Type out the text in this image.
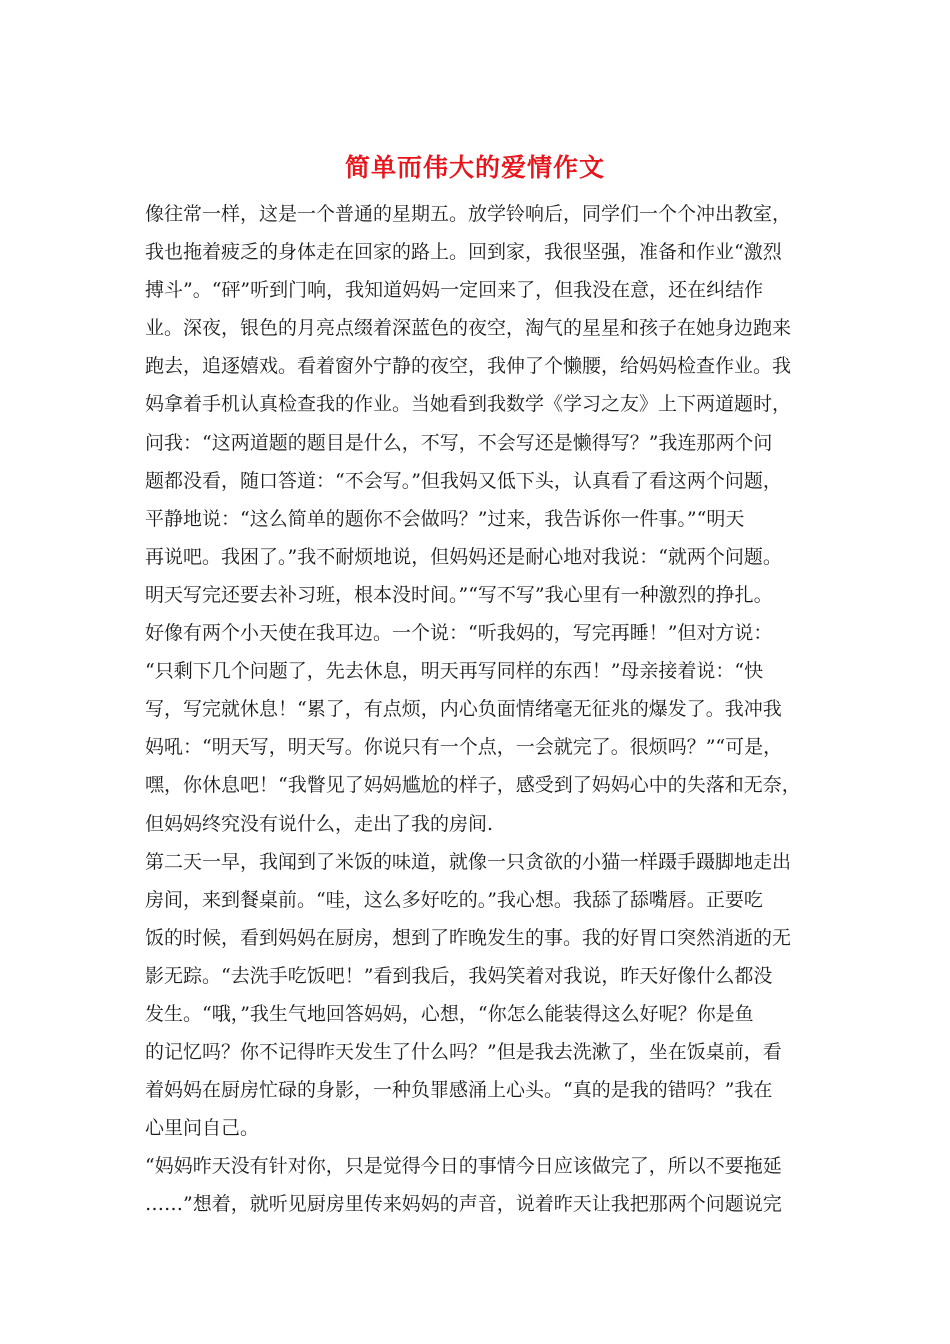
简单而伟大的爱情作文
像往常一样，这是一个普通的星期五。放学铃响后，同学们一个个冲出教室，
我也拖着疲乏的身体走在回家的路上。回到家，我很坚强，准备和作业“激烈
搏斗”。“砰”听到门响，我知道妈妈一定回来了，但我没在意，还在纠结作
业。深夜，银色的月亮点缀着深蓝色的夜空，淘气的星星和孩子在她身边跑来
跑去，追逐嬉戏。看着窗外宁静的夜空，我伸了个懒腰，给妈妈检查作业。我
妈拿着手机认真检查我的作业。当她看到我数学《学习之友》上下两道题时，
问我：“这两道题的题目是什么，不写，不会写还是懒得写？”我连那两个问
题都没看，随口答道：“不会写。”但我妈又低下头，认真看了看这两个问题，
平静地说：“这么简单的题你不会做吗？”过来，我告诉你一件事。”“明天
再说吧。我困了。”我不耐烦地说，但妈妈还是耐心地对我说：“就两个问题。
明天写完还要去补习班，根本没时间。”“写不写”我心里有一种激烈的挣扎。
好像有两个小天使在我耳边。一个说：“听我妈的，写完再睡！”但对方说：
“只剩下几个问题了，先去休息，明天再写同样的东西！”母亲接着说：“快
写，写完就休息！“累了，有点烦，内心负面情绪毫无征兆的爆发了。我冲我
妈吼：“明天写，明天写。你说只有一个点，一会就完了。很烦吗？”“可是，
嘿，你休息吧！“我瞥见了妈妈尴尬的样子，感受到了妈妈心中的失落和无奈，
但妈妈终究没有说什么，走出了我的房间.
第二天一早，我闻到了米饭的味道，就像一只贪欲的小猫一样蹑手蹑脚地走出
房间，来到餐桌前。“哇，这么多好吃的。”我心想。我舔了舔嘴唇。正要吃
饭的时候，看到妈妈在厨房，想到了昨晚发生的事。我的好胃口突然消逝的无
影无踪。“去洗手吃饭吧！”看到我后，我妈笑着对我说，昨天好像什么都没
发生。“哦，”我生气地回答妈妈，心想，“你怎么能装得这么好呢？你是鱼
的记忆吗？你不记得昨天发生了什么吗？”但是我去洗漱了，坐在饭桌前，看
着妈妈在厨房忙碌的身影，一种负罪感涌上心头。“真的是我的错吗？”我在
心里问自己。
“妈妈昨天没有针对你，只是觉得今日的事情今日应该做完了，所以不要拖延
……”想着，就听见厨房里传来妈妈的声音，说着昨天让我把那两个问题说完
